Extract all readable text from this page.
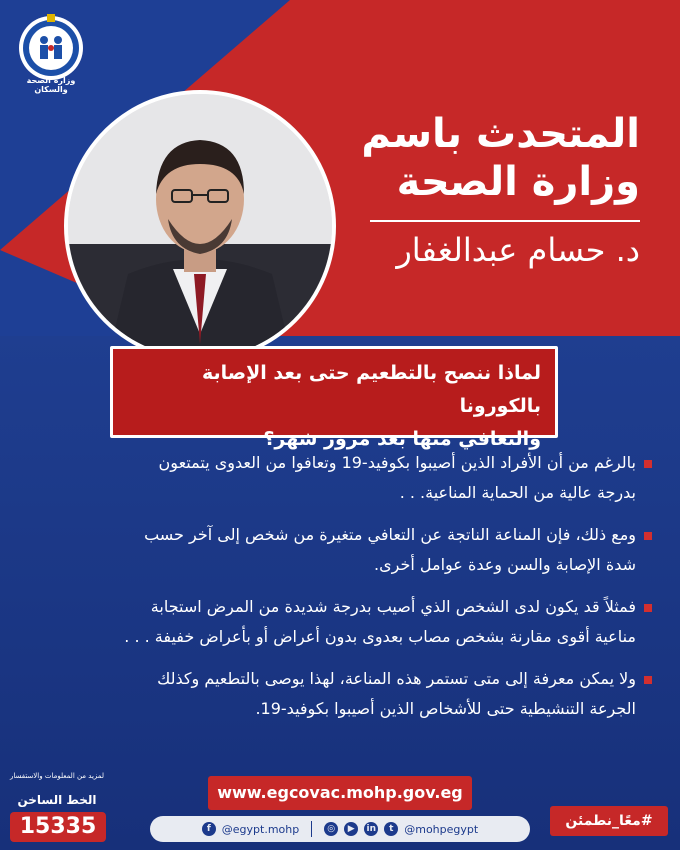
وزارة الصحة والسكان
المتحدث باسم
وزارة الصحة
د. حسام عبدالغفار
لماذا ننصح بالتطعيم حتى بعد الإصابة بالكورونا
والتعافي منها بعد مرور شهر؟
بالرغم من أن الأفراد الذين أصيبوا بكوفيد-19 وتعافوا من العدوى يتمتعون
بدرجة عالية من الحماية المناعية. . .
ومع ذلك، فإن المناعة الناتجة عن التعافي متغيرة من شخص إلى آخر حسب
شدة الإصابة والسن وعدة عوامل أخرى.
فمثلاً قد يكون لدى الشخص الذي أصيب بدرجة شديدة من المرض استجابة
مناعية أقوى مقارنة بشخص مصاب بعدوى بدون أعراض أو بأعراض خفيفة . . .
ولا يمكن معرفة إلى متى تستمر هذه المناعة، لهذا يوصى بالتطعيم وكذلك
الجرعة التنشيطية حتى للأشخاص الذين أصيبوا بكوفيد-19.
www.egcovac.mohp.gov.eg
لمزيد من المعلومات والاستفسار
الخط الساخن
15335	f	@egypt.mohp	◎	▶	in	t @mohpegypt	#معًا_نطمئن
